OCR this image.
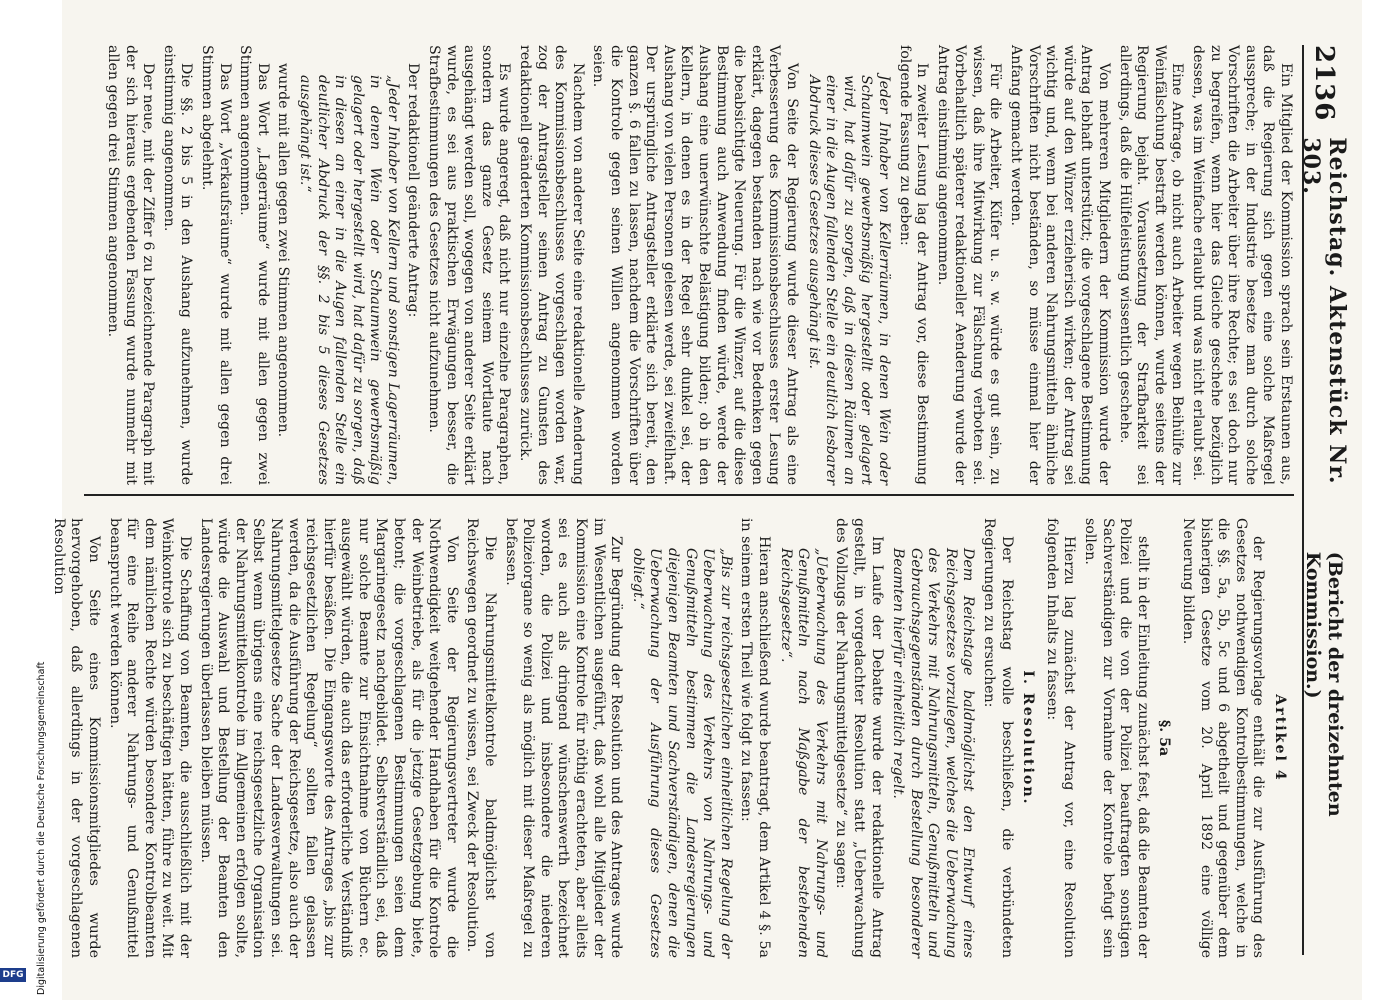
Digitalisierung gefördert durch die Deutsche Forschungsgemeinschaft
DFG
2136
Reichstag. Aktenstück Nr. 303.
(Bericht der dreizehnten Kommission.)

Ein Mitglied der Kommission sprach sein Erstaunen aus, daß die Regierung sich gegen eine solche Maßregel ausspreche; in der Industrie besetze man durch solche Vorschriften die Arbeiter über ihre Rechte; es sei doch nur zu begreifen, wenn hier das Gleiche geschehe bezüglich dessen, was im Weinfache erlaubt und was nicht erlaubt sei.

Eine Anfrage, ob nicht auch Arbeiter wegen Beihülfe zur Weinfälschung bestraft werden können, wurde seitens der Regierung bejaht. Voraussetzung der Strafbarkeit sei allerdings, daß die Hülfeleistung wissentlich geschehe.

Von mehreren Mitgliedern der Kommission wurde der Antrag lebhaft unterstützt; die vorgeschlagene Bestimmung würde auf den Winzer erzieherisch wirken; der Antrag sei wichtig und, wenn bei anderen Nahrungsmitteln ähnliche Vorschriften nicht beständen, so müsse einmal hier der Anfang gemacht werden.

Für die Arbeiter, Küfer u. s. w. würde es gut sein, zu wissen, daß ihre Mitwirkung zur Fälschung verboten sei. Vorbehaltlich späterer redaktioneller Aenderung wurde der Antrag einstimmig angenommen.

In zweiter Lesung lag der Antrag vor, diese Bestimmung folgende Fassung zu geben:

Jeder Inhaber von Kellerräumen, in denen Wein oder Schaumwein gewerbsmäßig hergestellt oder gelagert wird, hat dafür zu sorgen, daß in diesen Räumen an einer in die Augen fallenden Stelle ein deutlich lesbarer Abdruck dieses Gesetzes ausgehängt ist.

Von Seite der Regierung wurde dieser Antrag als eine Verbesserung des Kommissionsbeschlusses erster Lesung erklärt, dagegen bestanden nach wie vor Bedenken gegen die beabsichtigte Neuerung. Für die Winzer, auf die diese Bestimmung auch Anwendung finden würde, werde der Aushang eine unerwünschte Belästigung bilden; ob in den Kellern, in denen es in der Regel sehr dunkel sei, der Aushang von vielen Personen gelesen werde, sei zweifelhaft. Der ursprüngliche Antragsteller erklärte sich bereit, den ganzen §. 6 fallen zu lassen, nachdem die Vorschriften über die Kontrole gegen seinen Willen angenommen worden seien.

Nachdem von anderer Seite eine redaktionelle Aenderung des Kommissionsbeschlusses vorgeschlagen worden war, zog der Antragsteller seinen Antrag zu Gunsten des redaktionell geänderten Kommissionsbeschlusses zurück.

Es wurde angeregt, daß nicht nur einzelne Paragraphen, sondern das ganze Gesetz seinem Wortlaute nach ausgehängt werden soll, wogegen von anderer Seite erklärt wurde, es sei aus praktischen Erwägungen besser, die Strafbestimmungen des Gesetzes nicht aufzunehmen.

Der redaktionell geänderte Antrag:

„Jeder Inhaber von Kellern und sonstigen Lagerräumen, in denen Wein oder Schaumwein gewerbsmäßig gelagert oder hergestellt wird, hat dafür zu sorgen, daß in diesen an einer in die Augen fallenden Stelle ein deutlicher Abdruck der §§. 2 bis 5 dieses Gesetzes ausgehängt ist.“

wurde mit allen gegen zwei Stimmen angenommen.

Das Wort „Lagerräume“ wurde mit allen gegen zwei Stimmen angenommen.

Das Wort „Verkaufsräume“ wurde mit allen gegen drei Stimmen abgelehnt.

Die §§. 2 bis 5 in den Aushang aufzunehmen, wurde einstimmig angenommen.

Der neue, mit der Ziffer 6 zu bezeichnende Paragraph mit der sich hieraus ergebenden Fassung wurde nunmehr mit allen gegen drei Stimmen angenommen.

Artikel 4

der Regierungsvorlage enthält die zur Ausführung des Gesetzes nothwendigen Kontrolbestimmungen, welche in die §§. 5a, 5b, 5c und 6 abgetheilt und gegenüber dem bisherigen Gesetze vom 20. April 1892 eine völlige Neuerung bilden.

§. 5a

stellt in der Einleitung zunächst fest, daß die Beamten der Polizei und die von der Polizei beauftragten sonstigen Sachverständigen zur Vornahme der Kontrole befugt sein sollen.

Hierzu lag zunächst der Antrag vor, eine Resolution folgenden Inhalts zu fassen:

I. Resolution.

Der Reichstag wolle beschließen, die verbündeten Regierungen zu ersuchen:

Dem Reichstage baldmöglichst den Entwurf eines Reichsgesetzes vorzulegen, welches die Ueberwachung des Verkehrs mit Nahrungsmitteln, Genußmitteln und Gebrauchsgegenständen durch Bestellung besonderer Beamten hierfür einheitlich regelt.

Im Laufe der Debatte wurde der redaktionelle Antrag gestellt, in vorgedachter Resolution statt „Ueberwachung des Vollzugs der Nahrungsmittelgesetze“ zu sagen:

„Ueberwachung des Verkehrs mit Nahrungs- und Genußmitteln nach Maßgabe der bestehenden Reichsgesetze“.

Hieran anschließend wurde beantragt, dem Artikel 4 §. 5a in seinem ersten Theil wie folgt zu fassen:

„Bis zur reichsgesetzlichen einheitlichen Regelung der Ueberwachung des Verkehrs von Nahrungs- und Genußmitteln bestimmen die Landesregierungen diejenigen Beamten und Sachverständigen, denen die Ueberwachung der Ausführung dieses Gesetzes obliegt.“

Zur Begründung der Resolution und des Antrages wurde im Wesentlichen ausgeführt, daß wohl alle Mitglieder der Kommission eine Kontrole für nöthig erachteten, aber alleits sei es auch als dringend wünschenswerth bezeichnet worden, die Polizei und insbesondere die niederen Polizeiorgane so wenig als möglich mit dieser Maßregel zu befassen.

Die Nahrungsmittelkontrole baldmöglichst von Reichswegen geordnet zu wissen, sei Zweck der Resolution.

Von Seite der Regierungsvertreter wurde die Nothwendigkeit weitgehender Handhaben für die Kontrole der Weinbetriebe, als für die jetzige Gesetzgebung biete, betont; die vorgeschlagenen Bestimmungen seien dem Margarinegesetz nachgebildet. Selbstverständlich sei, daß nur solche Beamte zur Einsichtnahme von Büchern ec. ausgewählt würden, die auch das erforderliche Verständniß hierfür besäßen. Die Eingangsworte des Antrages „bis zur reichsgesetzlichen Regelung“ sollten fallen gelassen werden, da die Ausführung der Reichsgesetze, also auch der Nahrungsmittelgesetze Sache der Landesverwaltungen sei. Selbst wenn übrigens eine reichsgesetzliche Organisation der Nahrungsmittelkontrole im Allgemeinen erfolgen sollte, würde die Auswahl und Bestellung der Beamten den Landesregierungen überlassen bleiben müssen.

Die Schaffung von Beamten, die ausschließlich mit der Weinkontrole sich zu beschäftigen hätten, führe zu weit. Mit dem nämlichen Rechte würden besondere Kontrolbeamten für eine Reihe anderer Nahrungs- und Genußmittel beansprucht werden können.

Von Seite eines Kommissionsmitgliedes wurde hervorgehoben, daß allerdings in der vorgeschlagenen Resolution
